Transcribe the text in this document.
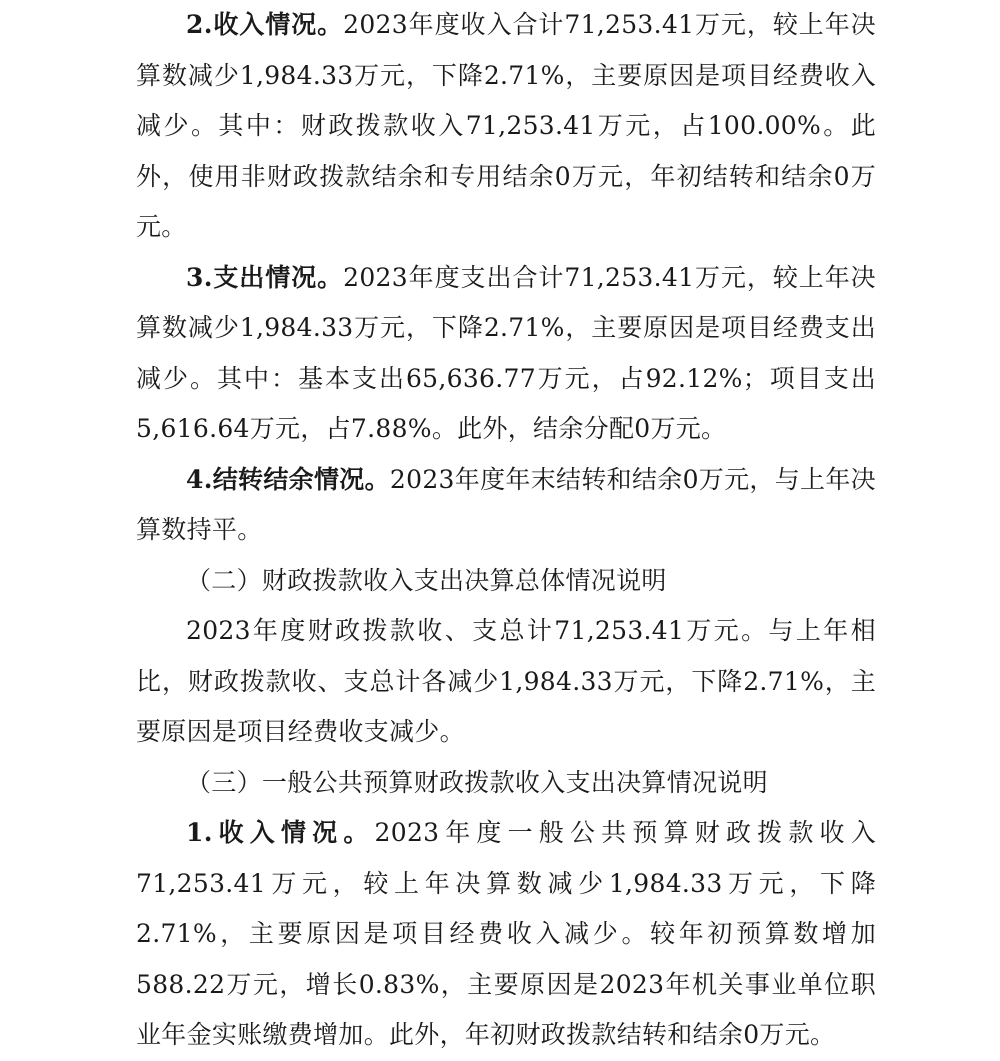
2.收入情况。2023年度收入合计71,253.41万元，较上年决算数减少1,984.33万元，下降2.71%，主要原因是项目经费收入减少。其中：财政拨款收入71,253.41万元，占100.00%。此外，使用非财政拨款结余和专用结余0万元，年初结转和结余0万元。

3.支出情况。2023年度支出合计71,253.41万元，较上年决算数减少1,984.33万元，下降2.71%，主要原因是项目经费支出减少。其中：基本支出65,636.77万元，占92.12%；项目支出5,616.64万元，占7.88%。此外，结余分配0万元。

4.结转结余情况。2023年度年末结转和结余0万元，与上年决算数持平。

（二）财政拨款收入支出决算总体情况说明

2023年度财政拨款收、支总计71,253.41万元。与上年相比，财政拨款收、支总计各减少1,984.33万元，下降2.71%，主要原因是项目经费收支减少。

（三）一般公共预算财政拨款收入支出决算情况说明

1.收入情况。2023年度一般公共预算财政拨款收入71,253.41万元，较上年决算数减少1,984.33万元，下降2.71%，主要原因是项目经费收入减少。较年初预算数增加588.22万元，增长0.83%，主要原因是2023年机关事业单位职业年金实账缴费增加。此外，年初财政拨款结转和结余0万元。
